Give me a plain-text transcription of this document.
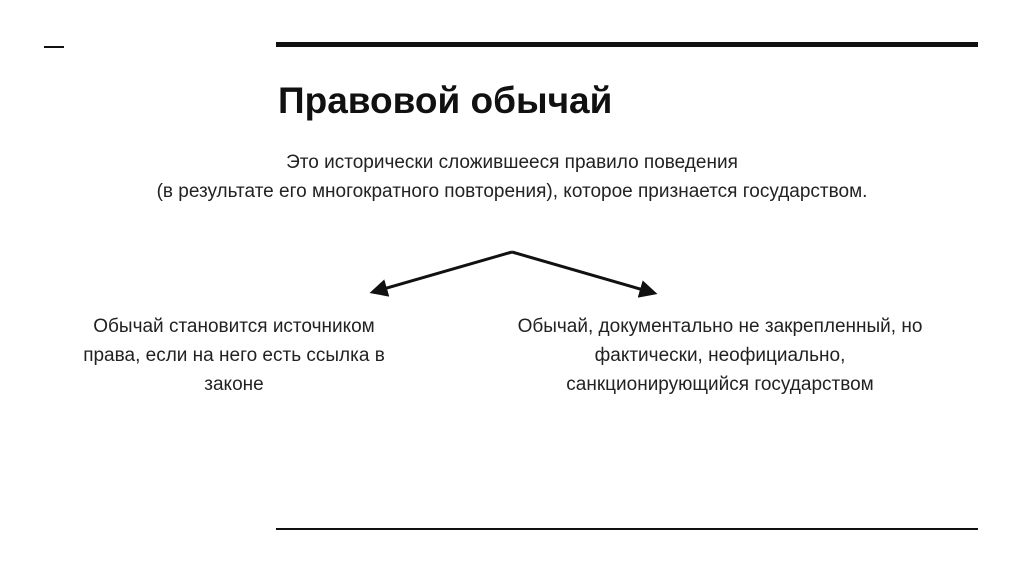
Правовой обычай
Это исторически сложившееся правило поведения
(в результате его многократного повторения), которое признается государством.
Обычай становится источником
права, если на него есть ссылка в
законе
Обычай, документально не закрепленный, но
фактически, неофициально,
санкционирующийся государством
